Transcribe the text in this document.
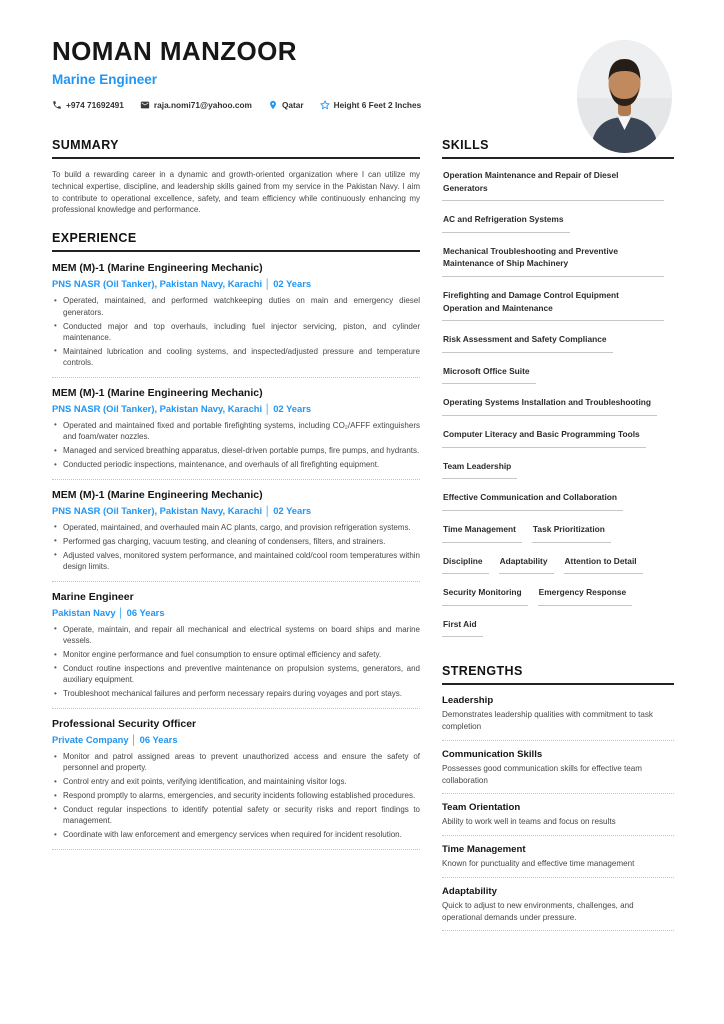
NOMAN MANZOOR
Marine Engineer
+974 71692491	raja.nomi71@yahoo.com	Qatar	Height 6 Feet 2 Inches
SUMMARY

To build a rewarding career in a dynamic and growth-oriented organization where I can utilize my technical expertise, discipline, and leadership skills gained from my service in the Pakistan Navy. I aim to contribute to operational excellence, safety, and team efficiency while continuously enhancing my professional knowledge and performance.

EXPERIENCE
MEM (M)-1 (Marine Engineering Mechanic)
PNS NASR (Oil Tanker), Pakistan Navy, Karachi │ 02 Years
• Operated, maintained, and performed watchkeeping duties on main and emergency diesel generators.
• Conducted major and top overhauls, including fuel injector servicing, piston, and cylinder maintenance.
• Maintained lubrication and cooling systems, and inspected/adjusted pressure and temperature controls.
MEM (M)-1 (Marine Engineering Mechanic)
PNS NASR (Oil Tanker), Pakistan Navy, Karachi │ 02 Years
• Operated and maintained fixed and portable firefighting systems, including CO₂/AFFF extinguishers and foam/water nozzles.
• Managed and serviced breathing apparatus, diesel-driven portable pumps, fire pumps, and hydrants.
• Conducted periodic inspections, maintenance, and overhauls of all firefighting equipment.
MEM (M)-1 (Marine Engineering Mechanic)
PNS NASR (Oil Tanker), Pakistan Navy, Karachi │ 02 Years
• Operated, maintained, and overhauled main AC plants, cargo, and provision refrigeration systems.
• Performed gas charging, vacuum testing, and cleaning of condensers, filters, and strainers.
• Adjusted valves, monitored system performance, and maintained cold/cool room temperatures within design limits.
Marine Engineer
Pakistan Navy │ 06 Years
• Operate, maintain, and repair all mechanical and electrical systems on board ships and marine vessels.
• Monitor engine performance and fuel consumption to ensure optimal efficiency and safety.
• Conduct routine inspections and preventive maintenance on propulsion systems, generators, and auxiliary equipment.
• Troubleshoot mechanical failures and perform necessary repairs during voyages and port stays.
Professional Security Officer
Private Company │ 06 Years
• Monitor and patrol assigned areas to prevent unauthorized access and ensure the safety of personnel and property.
• Control entry and exit points, verifying identification, and maintaining visitor logs.
• Respond promptly to alarms, emergencies, and security incidents following established procedures.
• Conduct regular inspections to identify potential safety or security risks and report findings to management.
• Coordinate with law enforcement and emergency services when required for incident resolution.
SKILLS
Operation Maintenance and Repair of Diesel GeneratorsAC and Refrigeration SystemsMechanical Troubleshooting and Preventive Maintenance of Ship MachineryFirefighting and Damage Control Equipment Operation and MaintenanceRisk Assessment and Safety ComplianceMicrosoft Office SuiteOperating Systems Installation and TroubleshootingComputer Literacy and Basic Programming ToolsTeam LeadershipEffective Communication and CollaborationTime Management Task PrioritizationDiscipline Adaptability Attention to DetailSecurity Monitoring Emergency ResponseFirst Aid
STRENGTHS
Leadership
Demonstrates leadership qualities with commitment to task completion
Communication Skills
Possesses good communication skills for effective team collaboration
Team Orientation
Ability to work well in teams and focus on results
Time Management
Known for punctuality and effective time management
Adaptability
Quick to adjust to new environments, challenges, and operational demands under pressure.
